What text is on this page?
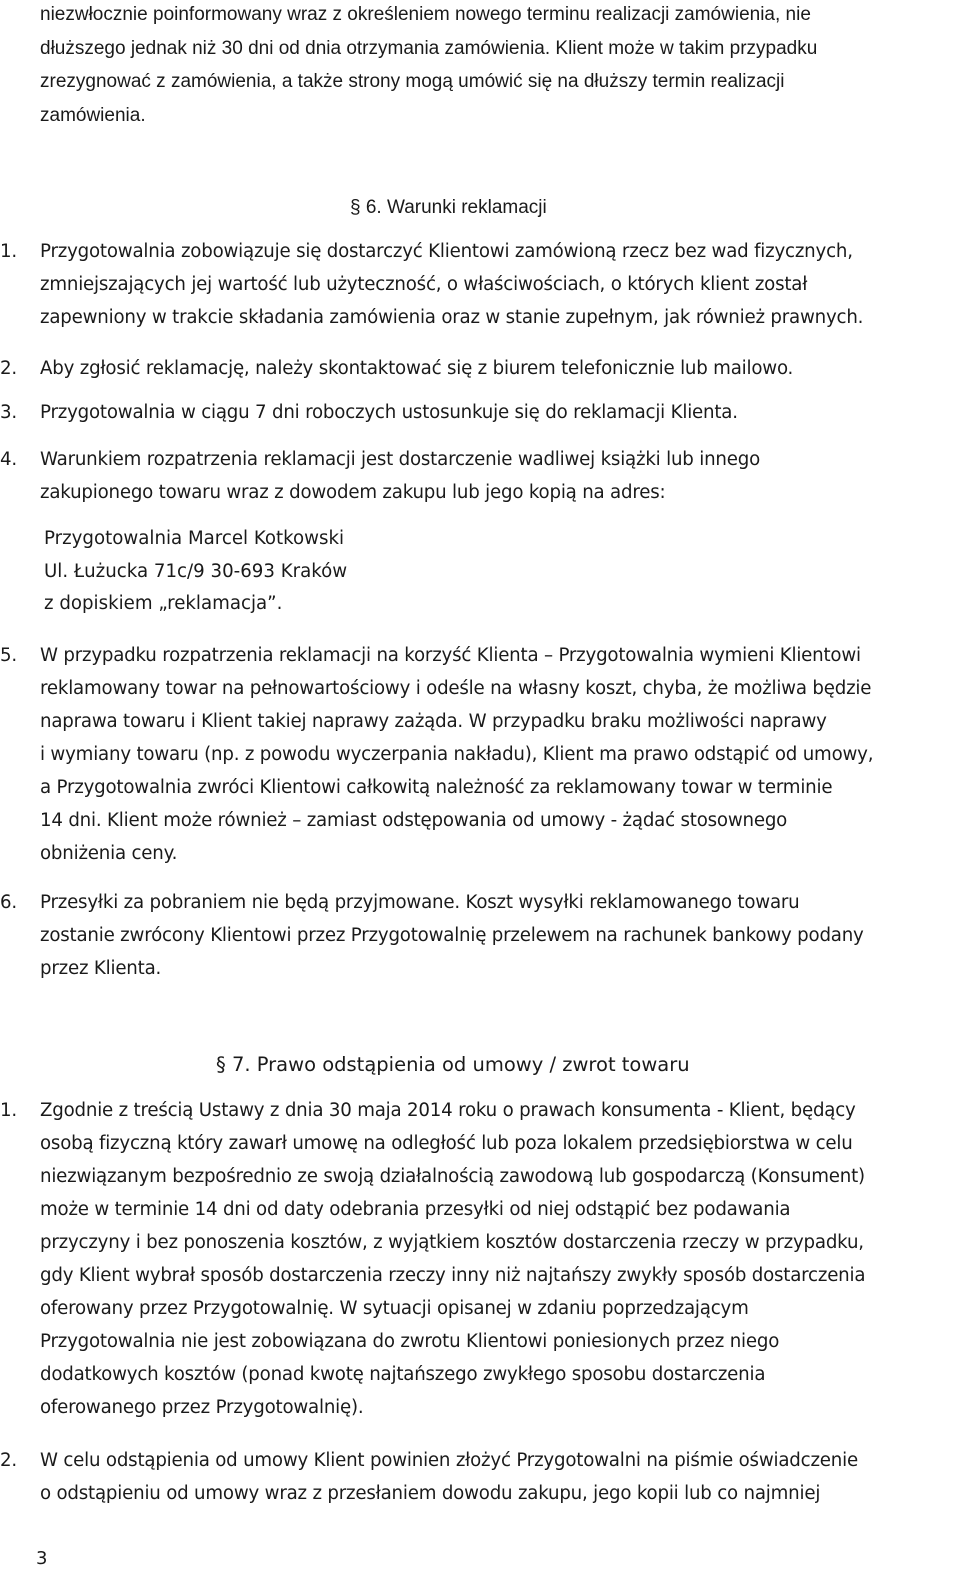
niezwłocznie poinformowany wraz z określeniem nowego terminu realizacji zamówienia, nie
dłuższego jednak niż 30 dni od dnia otrzymania zamówienia. Klient może w takim przypadku
zrezygnować z zamówienia, a także strony mogą umówić się na dłuższy termin realizacji
zamówienia.
§ 6. Warunki reklamacji
1. Przygotowalnia zobowiązuje się dostarczyć Klientowi zamówioną rzecz bez wad fizycznych,
zmniejszających jej wartość lub użyteczność, o właściwościach, o których klient został
zapewniony w trakcie składania zamówienia oraz w stanie zupełnym, jak również prawnych.
2. Aby zgłosić reklamację, należy skontaktować się z biurem telefonicznie lub mailowo.
3. Przygotowalnia w ciągu 7 dni roboczych ustosunkuje się do reklamacji Klienta.
4. Warunkiem rozpatrzenia reklamacji jest dostarczenie wadliwej książki lub innego
zakupionego towaru wraz z dowodem zakupu lub jego kopią na adres:
Przygotowalnia Marcel Kotkowski
Ul. Łużucka 71c/9 30-693 Kraków
z dopiskiem „reklamacja”.
5. W przypadku rozpatrzenia reklamacji na korzyść Klienta – Przygotowalnia wymieni Klientowi
reklamowany towar na pełnowartościowy i odeśle na własny koszt, chyba, że możliwa będzie
naprawa towaru i Klient takiej naprawy zażąda. W przypadku braku możliwości naprawy
i wymiany towaru (np. z powodu wyczerpania nakładu), Klient ma prawo odstąpić od umowy,
a Przygotowalnia zwróci Klientowi całkowitą należność za reklamowany towar w terminie
14 dni. Klient może również – zamiast odstępowania od umowy - żądać stosownego
obniżenia ceny.
6. Przesyłki za pobraniem nie będą przyjmowane. Koszt wysyłki reklamowanego towaru
zostanie zwrócony Klientowi przez Przygotowalnię przelewem na rachunek bankowy podany
przez Klienta.
§ 7. Prawo odstąpienia od umowy / zwrot towaru
1. Zgodnie z treścią Ustawy z dnia 30 maja 2014 roku o prawach konsumenta - Klient, będący
osobą fizyczną który zawarł umowę na odległość lub poza lokalem przedsiębiorstwa w celu
niezwiązanym bezpośrednio ze swoją działalnością zawodową lub gospodarczą (Konsument)
może w terminie 14 dni od daty odebrania przesyłki od niej odstąpić bez podawania
przyczyny i bez ponoszenia kosztów, z wyjątkiem kosztów dostarczenia rzeczy w przypadku,
gdy Klient wybrał sposób dostarczenia rzeczy inny niż najtańszy zwykły sposób dostarczenia
oferowany przez Przygotowalnię. W sytuacji opisanej w zdaniu poprzedzającym
Przygotowalnia nie jest zobowiązana do zwrotu Klientowi poniesionych przez niego
dodatkowych kosztów (ponad kwotę najtańszego zwykłego sposobu dostarczenia
oferowanego przez Przygotowalnię).
2. W celu odstąpienia od umowy Klient powinien złożyć Przygotowalni na piśmie oświadczenie
o odstąpieniu od umowy wraz z przesłaniem dowodu zakupu, jego kopii lub co najmniej
3
